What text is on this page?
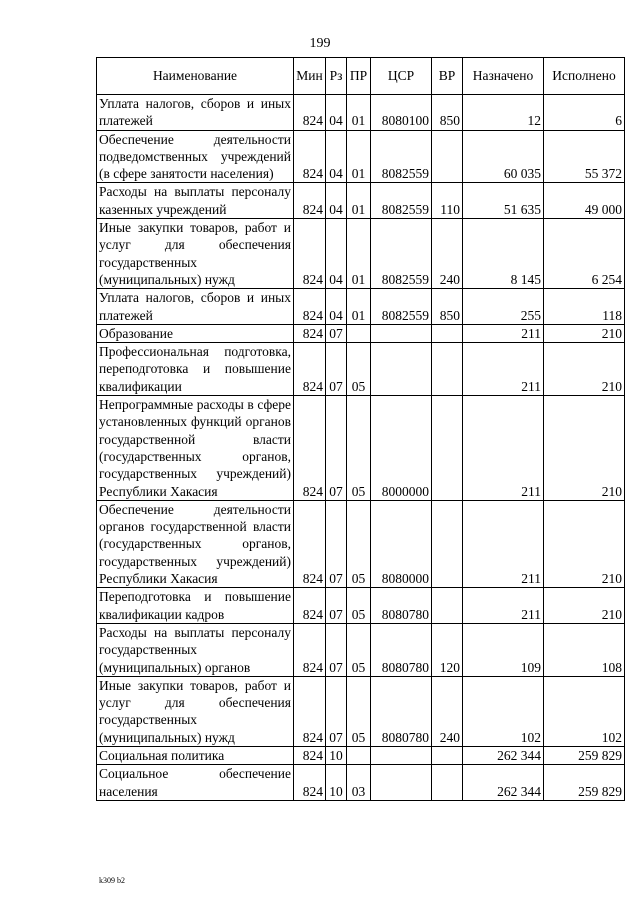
199
Наименование	Мин	Рз	ПР	ЦСР	ВР	Назначено	Исполнено
Уплата налогов, сборов и иных платежей	824	04	01	8080100	850	12	6
Обеспечение деятельности подведомственных учреждений (в сфере занятости населения)	824	04	01	8082559		60 035	55 372
Расходы на выплаты персоналу казенных учреждений	824	04	01	8082559	110	51 635	49 000
Иные закупки товаров, работ и услуг для обеспечения государственных (муниципальных) нужд	824	04	01	8082559	240	8 145	6 254
Уплата налогов, сборов и иных платежей	824	04	01	8082559	850	255	118
Образование	824	07				211	210
Профессиональная подготовка, переподготовка и повышение квалификации	824	07	05			211	210
Непрограммные расходы в сфере установленных функций органов государственной власти (государственных органов, государственных учреждений) Республики Хакасия	824	07	05	8000000		211	210
Обеспечение деятельности органов государственной власти (государственных органов, государственных учреждений) Республики Хакасия	824	07	05	8080000		211	210
Переподготовка и повышение квалификации кадров	824	07	05	8080780		211	210
Расходы на выплаты персоналу государственных (муниципальных) органов	824	07	05	8080780	120	109	108
Иные закупки товаров, работ и услуг для обеспечения государственных (муниципальных) нужд	824	07	05	8080780	240	102	102
Социальная политика	824	10				262 344	259 829
Социальное обеспечение населения	824	10	03			262 344	259 829
k309 b2
